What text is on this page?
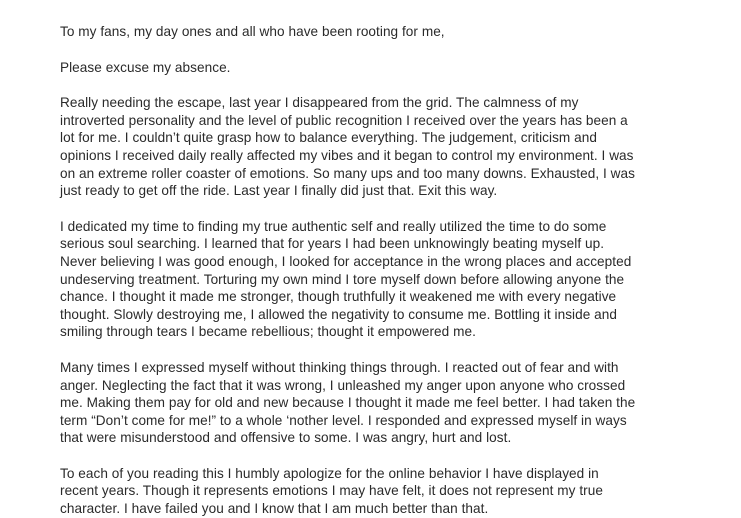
To my fans, my day ones and all who have been rooting for me,

Please excuse my absence.

Really needing the escape, last year I disappeared from the grid. The calmness of my
introverted personality and the level of public recognition I received over the years has been a
lot for me. I couldn’t quite grasp how to balance everything. The judgement, criticism and
opinions I received daily really affected my vibes and it began to control my environment. I was
on an extreme roller coaster of emotions. So many ups and too many downs. Exhausted, I was
just ready to get off the ride. Last year I finally did just that. Exit this way.

I dedicated my time to finding my true authentic self and really utilized the time to do some
serious soul searching. I learned that for years I had been unknowingly beating myself up.
Never believing I was good enough, I looked for acceptance in the wrong places and accepted
undeserving treatment. Torturing my own mind I tore myself down before allowing anyone the
chance. I thought it made me stronger, though truthfully it weakened me with every negative
thought. Slowly destroying me, I allowed the negativity to consume me. Bottling it inside and
smiling through tears I became rebellious; thought it empowered me.

Many times I expressed myself without thinking things through. I reacted out of fear and with
anger. Neglecting the fact that it was wrong, I unleashed my anger upon anyone who crossed
me. Making them pay for old and new because I thought it made me feel better. I had taken the
term “Don’t come for me!” to a whole ‘nother level. I responded and expressed myself in ways
that were misunderstood and offensive to some. I was angry, hurt and lost.

To each of you reading this I humbly apologize for the online behavior I have displayed in
recent years. Though it represents emotions I may have felt, it does not represent my true
character. I have failed you and I know that I am much better than that.
